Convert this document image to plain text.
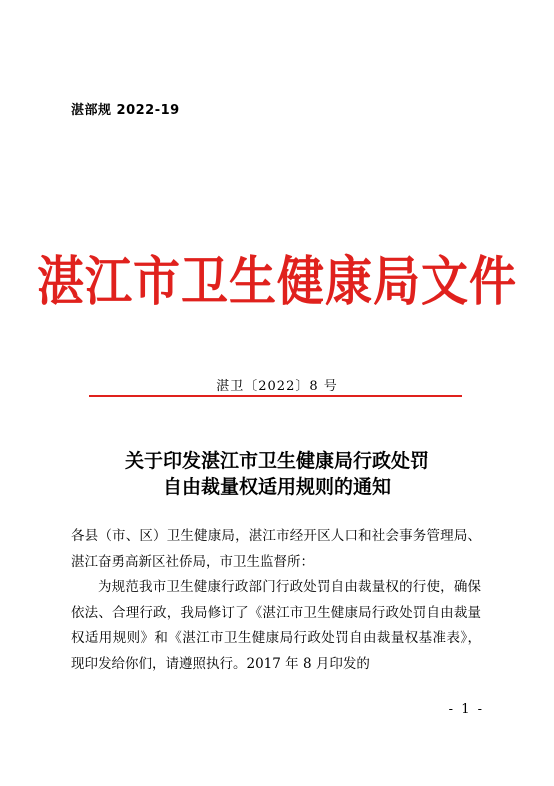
湛部规 2022-19
湛江市卫生健康局文件
湛卫〔2022〕8 号
关于印发湛江市卫生健康局行政处罚
自由裁量权适用规则的通知

各县（市、区）卫生健康局，湛江市经开区人口和社会事务管理局、湛江奋勇高新区社侨局，市卫生监督所：

为规范我市卫生健康行政部门行政处罚自由裁量权的行使，确保依法、合理行政，我局修订了《湛江市卫生健康局行政处罚自由裁量权适用规则》和《湛江市卫生健康局行政处罚自由裁量权基准表》，现印发给你们，请遵照执行。2017 年 8 月印发的

- 1 -
